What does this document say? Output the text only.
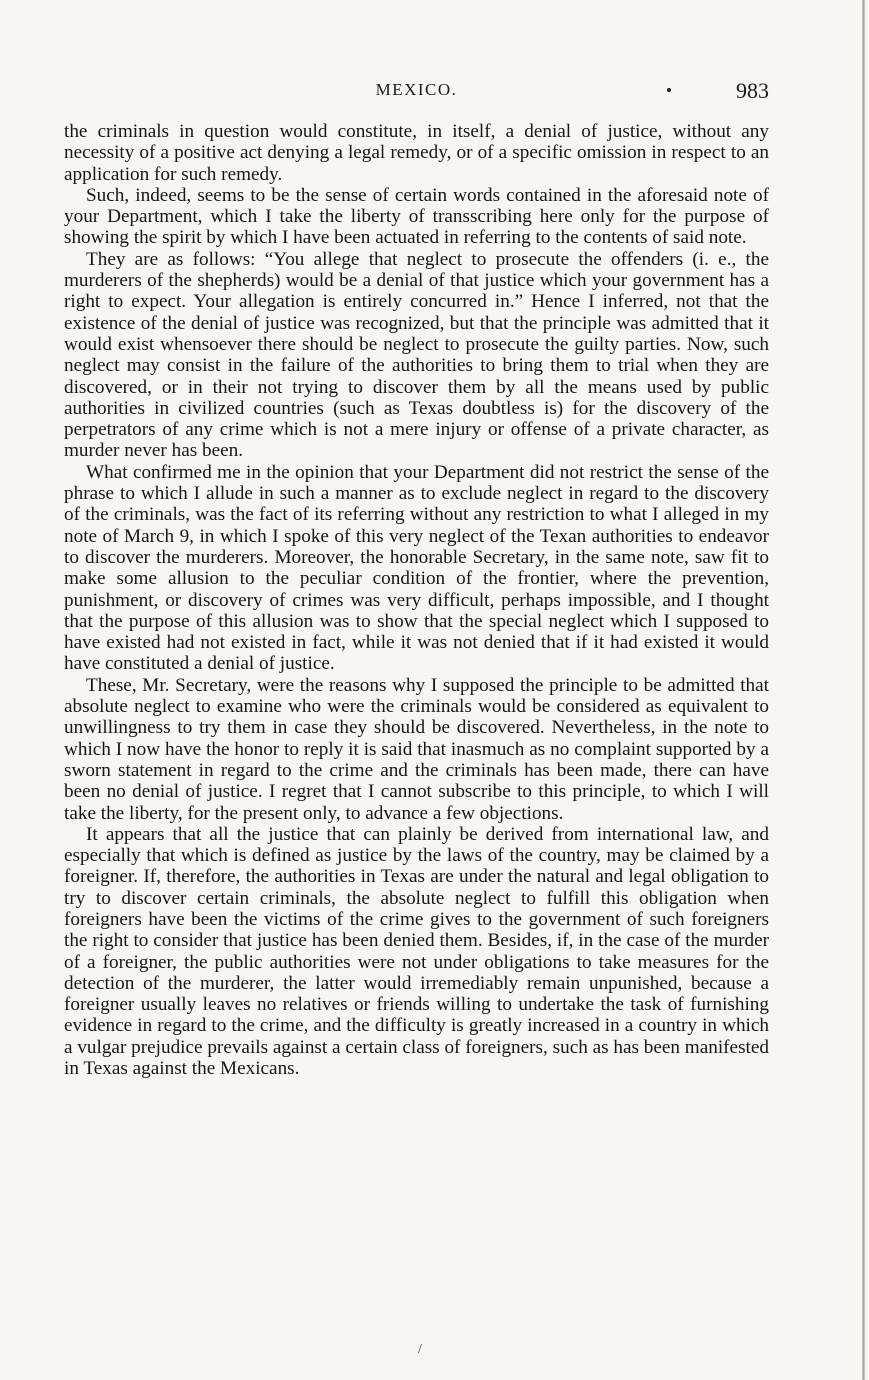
MEXICO.	983

the criminals in question would constitute, in itself, a denial of justice, without any necessity of a positive act denying a legal remedy, or of a specific omission in respect to an application for such remedy.

Such, indeed, seems to be the sense of certain words contained in the aforesaid note of your Department, which I take the liberty of transscribing here only for the purpose of showing the spirit by which I have been actuated in referring to the contents of said note.

They are as follows: “You allege that neglect to prosecute the offenders (i. e., the murderers of the shepherds) would be a denial of that justice which your government has a right to expect. Your allegation is entirely concurred in.” Hence I inferred, not that the existence of the denial of justice was recognized, but that the principle was admitted that it would exist whensoever there should be neglect to prosecute the guilty parties. Now, such neglect may consist in the failure of the authorities to bring them to trial when they are discovered, or in their not trying to discover them by all the means used by public authorities in civilized countries (such as Texas doubtless is) for the discovery of the perpetrators of any crime which is not a mere injury or offense of a private character, as murder never has been.

What confirmed me in the opinion that your Department did not restrict the sense of the phrase to which I allude in such a manner as to exclude neglect in regard to the discovery of the criminals, was the fact of its referring without any restriction to what I alleged in my note of March 9, in which I spoke of this very neglect of the Texan authorities to endeavor to discover the murderers. Moreover, the honorable Secretary, in the same note, saw fit to make some allusion to the peculiar condition of the frontier, where the prevention, punishment, or discovery of crimes was very difficult, perhaps impossible, and I thought that the purpose of this allusion was to show that the special neglect which I supposed to have existed had not existed in fact, while it was not denied that if it had existed it would have constituted a denial of justice.

These, Mr. Secretary, were the reasons why I supposed the principle to be admitted that absolute neglect to examine who were the criminals would be considered as equivalent to unwillingness to try them in case they should be discovered. Nevertheless, in the note to which I now have the honor to reply it is said that inasmuch as no complaint supported by a sworn statement in regard to the crime and the criminals has been made, there can have been no denial of justice. I regret that I cannot subscribe to this principle, to which I will take the liberty, for the present only, to advance a few objections.

It appears that all the justice that can plainly be derived from international law, and especially that which is defined as justice by the laws of the country, may be claimed by a foreigner. If, therefore, the authorities in Texas are under the natural and legal obligation to try to discover certain criminals, the absolute neglect to fulfill this obligation when foreigners have been the victims of the crime gives to the government of such foreigners the right to consider that justice has been denied them. Besides, if, in the case of the murder of a foreigner, the public authorities were not under obligations to take measures for the detection of the murderer, the latter would irremediably remain unpunished, because a foreigner usually leaves no relatives or friends willing to undertake the task of furnishing evidence in regard to the crime, and the difficulty is greatly increased in a country in which a vulgar prejudice prevails against a certain class of foreigners, such as has been manifested in Texas against the Mexicans.

/
